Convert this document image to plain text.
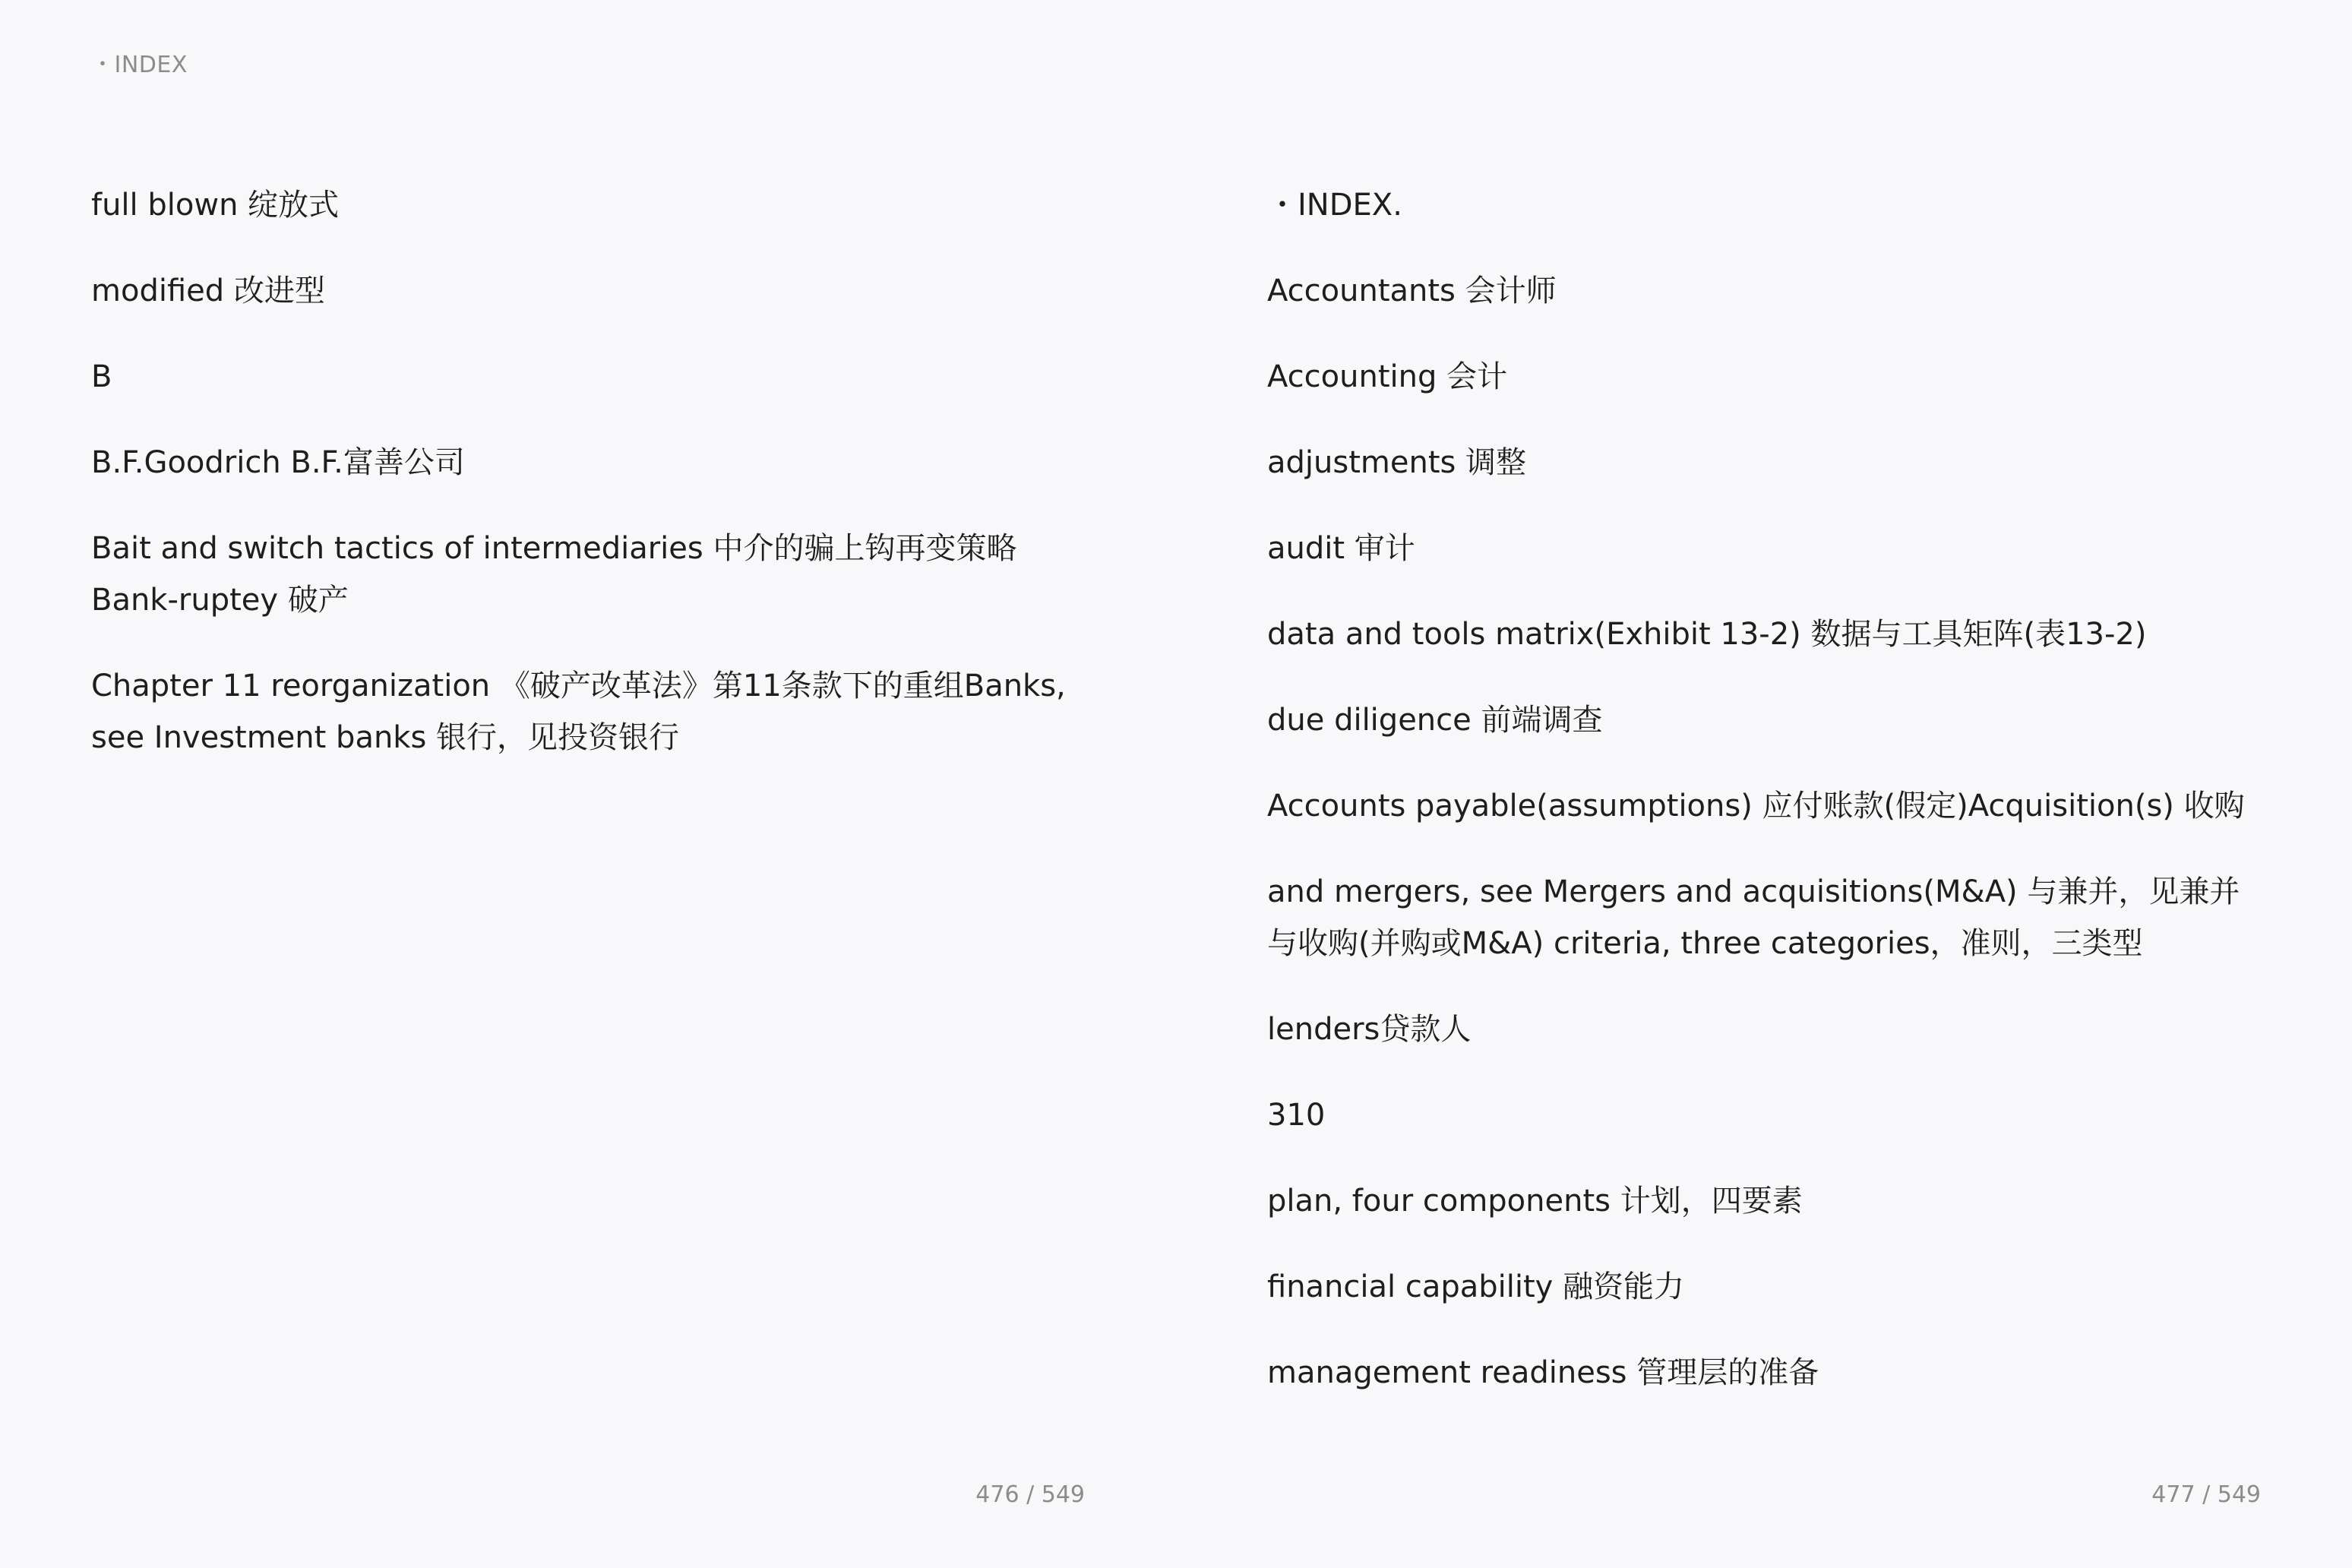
・INDEX
full blown 绽放式
modified 改进型
B
B.F.Goodrich B.F.富善公司
Bait and switch tactics of intermediaries 中介的骗上钩再变策略Bank-ruptey 破产
Chapter 11 reorganization 《破产改革法》第11条款下的重组Banks, see Investment banks 银行，见投资银行
476 / 549
・INDEX.
Accountants 会计师
Accounting 会计
adjustments 调整
audit 审计
data and tools matrix(Exhibit 13-2) 数据与工具矩阵(表13-2)
due diligence 前端调查
Accounts payable(assumptions) 应付账款(假定)Acquisition(s) 收购
and mergers, see Mergers and acquisitions(M&A) 与兼并，见兼并与收购(并购或M&A) criteria, three categories，准则，三类型
lenders贷款人
310
plan, four components 计划，四要素
financial capability 融资能力
management readiness 管理层的准备
477 / 549
